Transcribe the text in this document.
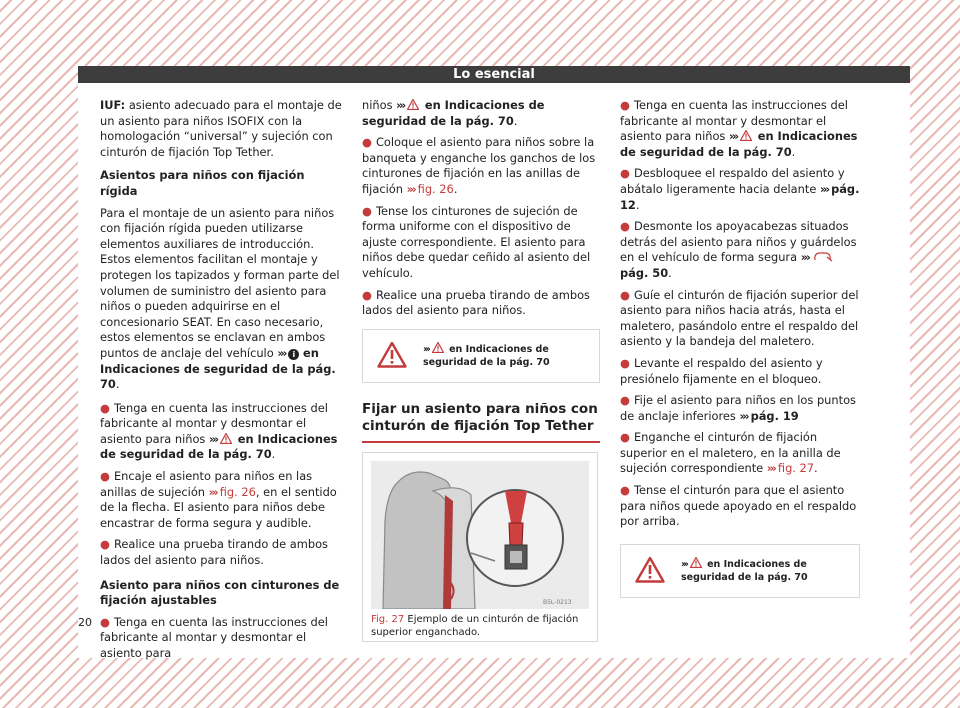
Lo esencial

IUF: asiento adecuado para el montaje de un asiento para niños ISOFIX con la homologación “universal” y sujeción con cinturón de fijación Top Tether.

Asientos para niños con fijación rígida

Para el montaje de un asiento para niños con fijación rígida pueden utilizarse elementos auxiliares de introducción. Estos elementos facilitan el montaje y protegen los tapizados y forman parte del volumen de suministro del asiento para niños o pueden adquirirse en el concesionario SEAT. En caso necesario, estos elementos se enclavan en ambos puntos de anclaje del vehículo ››› i en Indicaciones de seguridad de la pág. 70.

● Tenga en cuenta las instrucciones del fabricante al montar y desmontar el asiento para niños ››› en Indicaciones de seguridad de la pág. 70.

● Encaje el asiento para niños en las anillas de sujeción ››› fig. 26, en el sentido de la flecha. El asiento para niños debe encastrar de forma segura y audible.

● Realice una prueba tirando de ambos lados del asiento para niños.

Asiento para niños con cinturones de fijación ajustables

● Tenga en cuenta las instrucciones del fabricante al montar y desmontar el asiento para

niños ››› en Indicaciones de seguridad de la pág. 70.

● Coloque el asiento para niños sobre la banqueta y enganche los ganchos de los cinturones de fijación en las anillas de fijación ››› fig. 26.

● Tense los cinturones de sujeción de forma uniforme con el dispositivo de ajuste correspondiente. El asiento para niños debe quedar ceñido al asiento del vehículo.

● Realice una prueba tirando de ambos lados del asiento para niños.

››› en Indicaciones de seguridad de la pág. 70
Fijar un asiento para niños con cinturón de fijación Top Tether
B5L-0213
Fig. 27 Ejemplo de un cinturón de fijación superior enganchado.

● Tenga en cuenta las instrucciones del fabricante al montar y desmontar el asiento para niños ››› en Indicaciones de seguridad de la pág. 70.

● Desbloquee el respaldo del asiento y abátalo ligeramente hacia delante ››› pág. 12.

● Desmonte los apoyacabezas situados detrás del asiento para niños y guárdelos en el vehículo de forma segura ››› pág. 50.

● Guíe el cinturón de fijación superior del asiento para niños hacia atrás, hasta el maletero, pasándolo entre el respaldo del asiento y la bandeja del maletero.

● Levante el respaldo del asiento y presiónelo fijamente en el bloqueo.

● Fije el asiento para niños en los puntos de anclaje inferiores ››› pág. 19

● Enganche el cinturón de fijación superior en el maletero, en la anilla de sujeción correspondiente ››› fig. 27.

● Tense el cinturón para que el asiento para niños quede apoyado en el respaldo por arriba.

››› en Indicaciones de seguridad de la pág. 70
20
